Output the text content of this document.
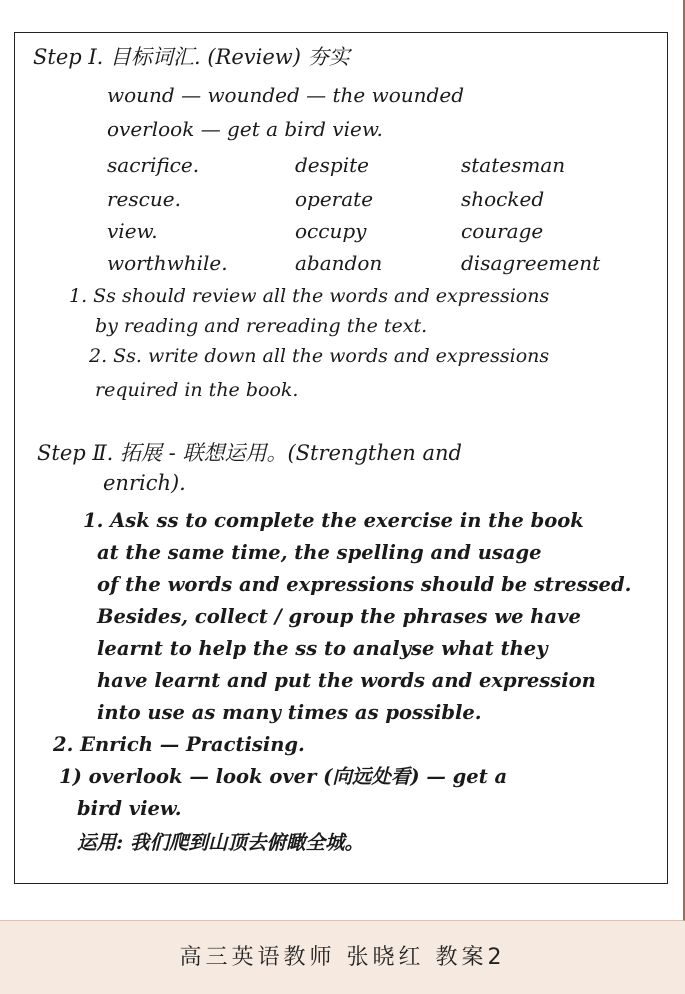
Step Ⅰ. 目标词汇. (Review) 夯实
wound — wounded — the wounded
overlook — get a bird view.
sacrifice.	despite	statesman
rescue.	operate	shocked
view.	occupy	courage
worthwhile.	abandon	disagreement
1. Ss should review all the words and expressions
by reading and rereading the text.
2. Ss. write down all the words and expressions
required in the book.
Step Ⅱ. 拓展 - 联想运用。(Strengthen and
enrich).
1. Ask ss to complete the exercise in the book
at the same time, the spelling and usage
of the words and expressions should be stressed.
Besides, collect / group the phrases we have
learnt to help the ss to analyse what they
have learnt and put the words and expression
into use as many times as possible.
2. Enrich — Practising.
1) overlook — look over (向远处看) — get a
bird view.
运用: 我们爬到山顶去俯瞰全城。
高三英语教师 张晓红 教案2
